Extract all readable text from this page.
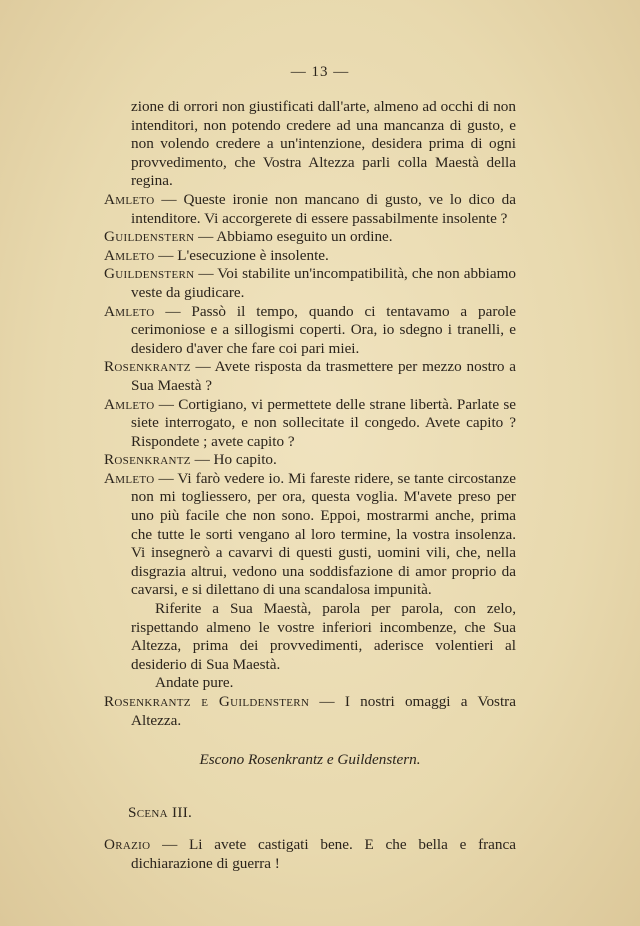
— 13 —

zione di orrori non giustificati dall'arte, almeno ad occhi di non intenditori, non potendo credere ad una mancanza di gusto, e non volendo credere a un'intenzione, desidera prima di ogni provvedimento, che Vostra Altezza parli colla Maestà della regina.

Amleto — Queste ironie non mancano di gusto, ve lo dico da intenditore. Vi accorgerete di essere passabilmente insolente ?

Guildenstern — Abbiamo eseguito un ordine.

Amleto — L'esecuzione è insolente.

Guildenstern — Voi stabilite un'incompatibilità, che non abbiamo veste da giudicare.

Amleto — Passò il tempo, quando ci tentavamo a parole cerimoniose e a sillogismi coperti. Ora, io sdegno i tranelli, e desidero d'aver che fare coi pari miei.

Rosenkrantz — Avete risposta da trasmettere per mezzo nostro a Sua Maestà ?

Amleto — Cortigiano, vi permettete delle strane libertà. Parlate se siete interrogato, e non sollecitate il congedo. Avete capito ? Rispondete ; avete capito ?

Rosenkrantz — Ho capito.

Amleto — Vi farò vedere io. Mi fareste ridere, se tante circostanze non mi togliessero, per ora, questa voglia. M'avete preso per uno più facile che non sono. Eppoi, mostrarmi anche, prima che tutte le sorti vengano al loro termine, la vostra insolenza. Vi insegnerò a cavarvi di questi gusti, uomini vili, che, nella disgrazia altrui, vedono una soddisfazione di amor proprio da cavarsi, e si dilettano di una scandalosa impunità.

Riferite a Sua Maestà, parola per parola, con zelo, rispettando almeno le vostre inferiori incombenze, che Sua Altezza, prima dei provvedimenti, aderisce volentieri al desiderio di Sua Maestà.

Andate pure.

Rosenkrantz e Guildenstern — I nostri omaggi a Vostra Altezza.

Escono Rosenkrantz e Guildenstern.

Scena III.

Orazio — Li avete castigati bene. E che bella e franca dichiarazione di guerra !
